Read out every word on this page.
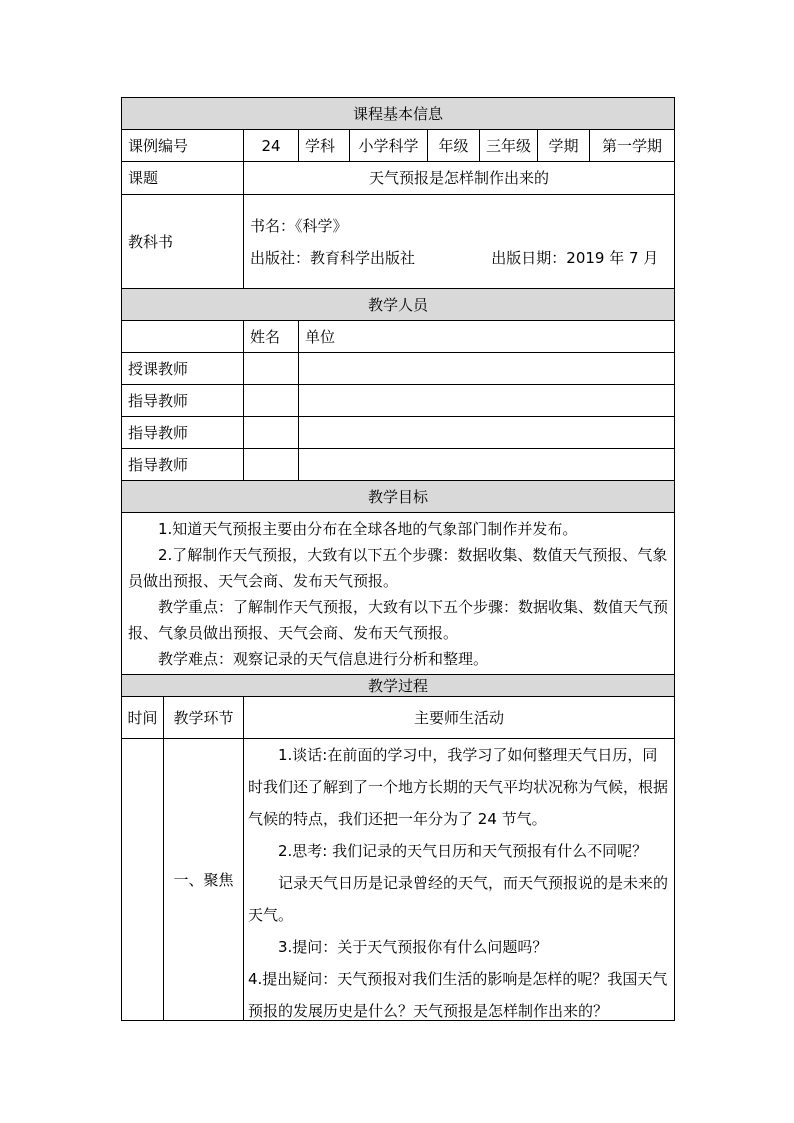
课程基本信息								
课例编号		24	学科	小学科学	年级	三年级	学期	第一学期
课题		天气预报是怎样制作出来的						
教科书		书名：《科学》

出版社：教育科学出版社                出版日期：2019 年 7 月						

教学人员								
		姓名	单位					
授课教师								
指导教师								
指导教师								
指导教师								
教学目标								

1.知道天气预报主要由分布在全球各地的气象部门制作并发布。

2.了解制作天气预报，大致有以下五个步骤：数据收集、数值天气预报、气象员做出预报、天气会商、发布天气预报。

教学重点：了解制作天气预报，大致有以下五个步骤：数据收集、数值天气预报、气象员做出预报、天气会商、发布天气预报。

教学难点：观察记录的天气信息进行分析和整理。								

教学过程								
时间	教学环节	主要师生活动						
	一、聚焦	1.谈话:在前面的学习中，我学习了如何整理天气日历，同时我们还了解到了一个地方长期的天气平均状况称为气候，根据气候的特点，我们还把一年分为了 24 节气。

2.思考: 我们记录的天气日历和天气预报有什么不同呢？

记录天气日历是记录曾经的天气，而天气预报说的是未来的天气。

3.提问：关于天气预报你有什么问题吗？

4.提出疑问：天气预报对我们生活的影响是怎样的呢？我国天气预报的发展历史是什么？天气预报是怎样制作出来的？						
